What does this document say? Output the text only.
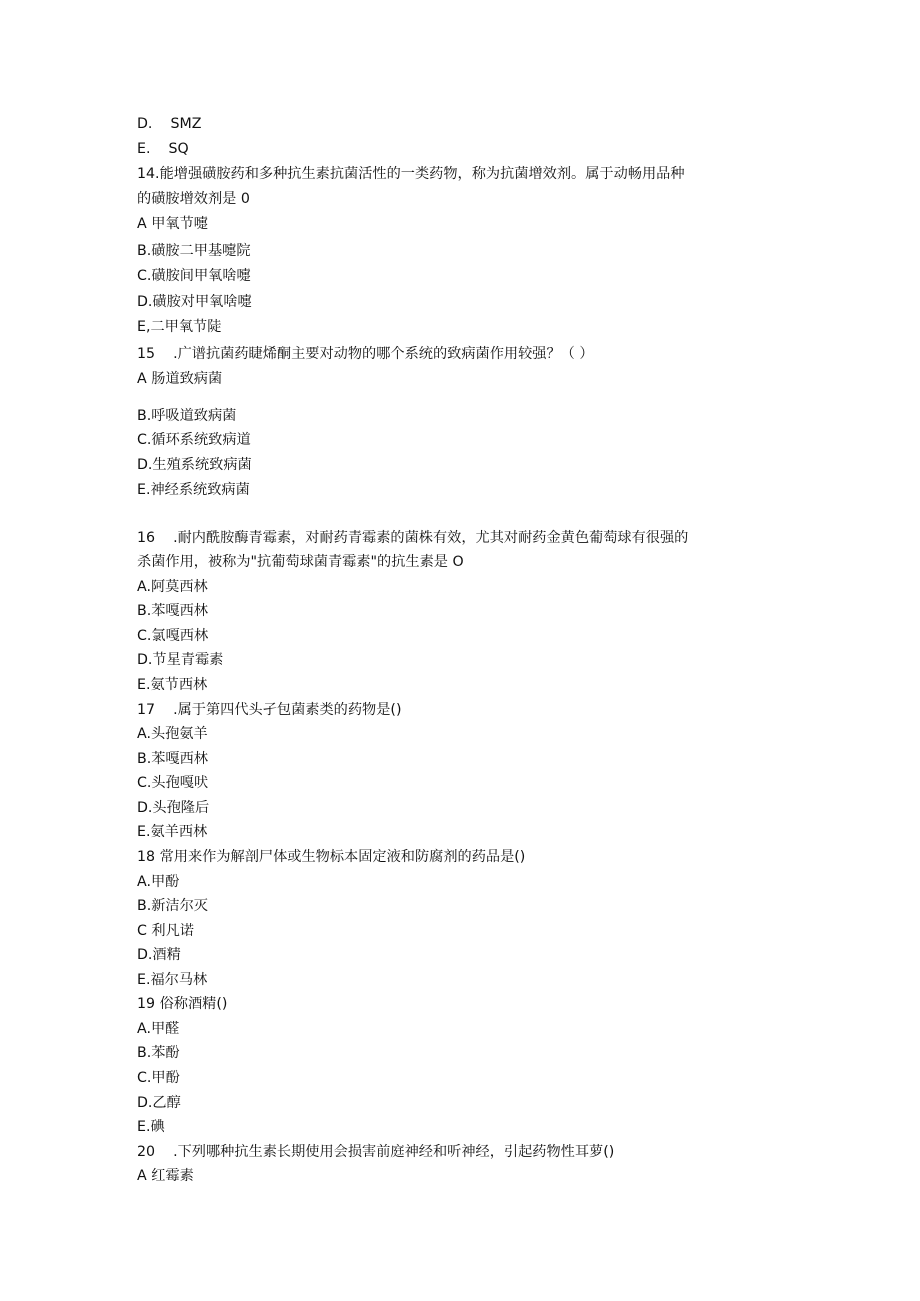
D.    SMZ

E.    SQ

14.能增强磺胺药和多种抗生素抗菌活性的一类药物，称为抗菌增效剂。属于动畅用品种

的磺胺增效剂是 0

A 甲氧节嚏

B.磺胺二甲基嚏院

C.磺胺间甲氧啥嚏

D.磺胺对甲氧啥嚏

E,二甲氧节陡

15    .广谱抗菌药睫烯酮主要对动物的哪个系统的致病菌作用较强？（ ）

A 肠道致病菌

B.呼吸道致病菌

C.循环系统致病道

D.生殖系统致病菌

E.神经系统致病菌

16    .耐内酰胺酶青霉素，对耐药青霉素的菌株有效，尤其对耐药金黄色葡萄球有很强的

杀菌作用，被称为"抗葡萄球菌青霉素"的抗生素是 O

A.阿莫西林

B.苯嘎西林

C.氯嘎西林

D.节星青霉素

E.氨节西林

17    .属于第四代头孑包菌素类的药物是()

A.头孢氨羊

B.苯嘎西林

C.头孢嘎吠

D.头孢隆后

E.氨羊西林

18 常用来作为解剖尸体或生物标本固定液和防腐剂的药品是()

A.甲酚

B.新洁尔灭

C 利凡诺

D.酒精

E.福尔马林

19 俗称酒精()

A.甲醛

B.苯酚

C.甲酚

D.乙醇

E.碘

20    .下列哪种抗生素长期使用会损害前庭神经和听神经，引起药物性耳萝()

A 红霉素
